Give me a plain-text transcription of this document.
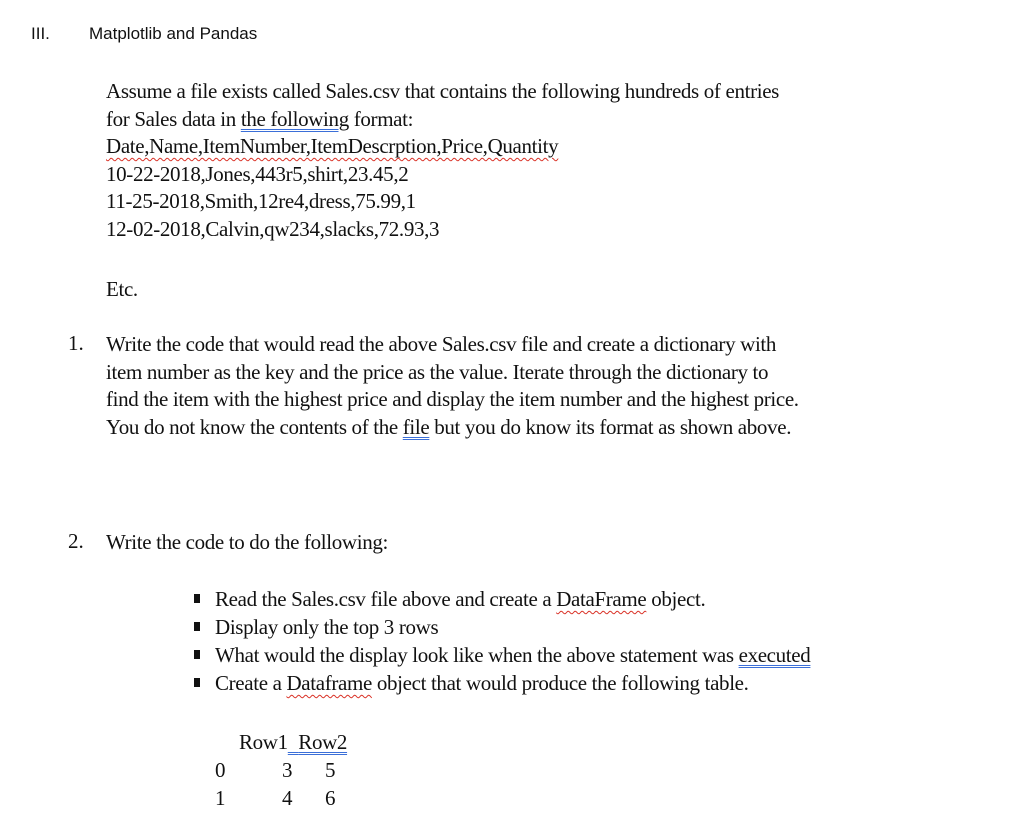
III. Matplotlib and Pandas
Assume a file exists called Sales.csv that contains the following hundreds of entries
for Sales data in the following format:
Date,Name,ItemNumber,ItemDescrption,Price,Quantity
10-22-2018,Jones,443r5,shirt,23.45,2
11-25-2018,Smith,12re4,dress,75.99,1
12-02-2018,Calvin,qw234,slacks,72.93,3
Etc.
1. Write the code that would read the above Sales.csv file and create a dictionary with
item number as the key and the price as the value. Iterate through the dictionary to
find the item with the highest price and display the item number and the highest price.
You do not know the contents of the file but you do know its format as shown above.
2. Write the code to do the following:
Read the Sales.csv file above and create a DataFrame object.
Display only the top 3 rows
What would the display look like when the above statement was executed
Create a Dataframe object that would produce the following table.
Row1 Row2
0	3 5
1	4 6
